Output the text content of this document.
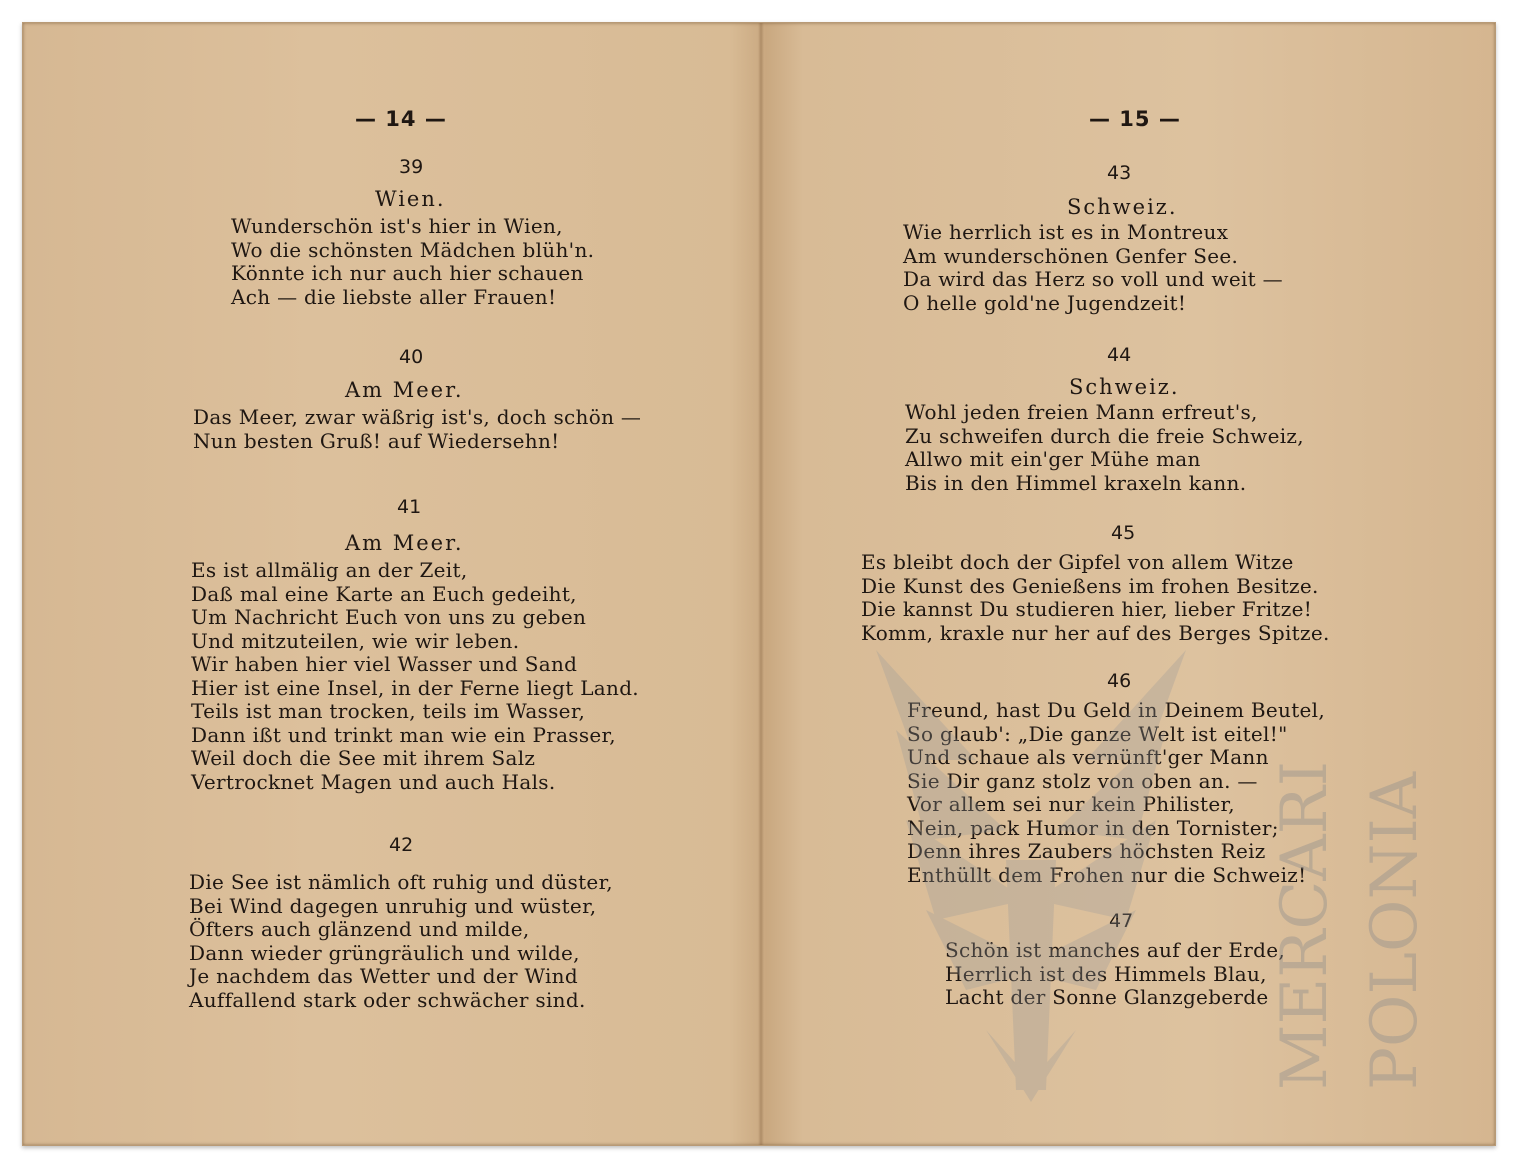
— 14 —
39
Wien.
Wunderschön ist's hier in Wien,
Wo die schönsten Mädchen blüh'n.
Könnte ich nur auch hier schauen
Ach — die liebste aller Frauen!
40
Am Meer.
Das Meer, zwar wäßrig ist's, doch schön —
Nun besten Gruß! auf Wiedersehn!
41
Am Meer.
Es ist allmälig an der Zeit,
Daß mal eine Karte an Euch gedeiht,
Um Nachricht Euch von uns zu geben
Und mitzuteilen, wie wir leben.
Wir haben hier viel Wasser und Sand
Hier ist eine Insel, in der Ferne liegt Land.
Teils ist man trocken, teils im Wasser,
Dann ißt und trinkt man wie ein Prasser,
Weil doch die See mit ihrem Salz
Vertrocknet Magen und auch Hals.
42
Die See ist nämlich oft ruhig und düster,
Bei Wind dagegen unruhig und wüster,
Öfters auch glänzend und milde,
Dann wieder grüngräulich und wilde,
Je nachdem das Wetter und der Wind
Auffallend stark oder schwächer sind.
— 15 —
43
Schweiz.
Wie herrlich ist es in Montreux
Am wunderschönen Genfer See.
Da wird das Herz so voll und weit —
O helle gold'ne Jugendzeit!
44
Schweiz.
Wohl jeden freien Mann erfreut's,
Zu schweifen durch die freie Schweiz,
Allwo mit ein'ger Mühe man
Bis in den Himmel kraxeln kann.
45
Es bleibt doch der Gipfel von allem Witze
Die Kunst des Genießens im frohen Besitze.
Die kannst Du studieren hier, lieber Fritze!
Komm, kraxle nur her auf des Berges Spitze.
46
Freund, hast Du Geld in Deinem Beutel,
So glaub': „Die ganze Welt ist eitel!"
Und schaue als vernünft'ger Mann
Sie Dir ganz stolz von oben an. —
Vor allem sei nur kein Philister,
Nein, pack Humor in den Tornister;
Denn ihres Zaubers höchsten Reiz
Enthüllt dem Frohen nur die Schweiz!
47
Schön ist manches auf der Erde,
Herrlich ist des Himmels Blau,
Lacht der Sonne Glanzgeberde MERCARI POLONIA
